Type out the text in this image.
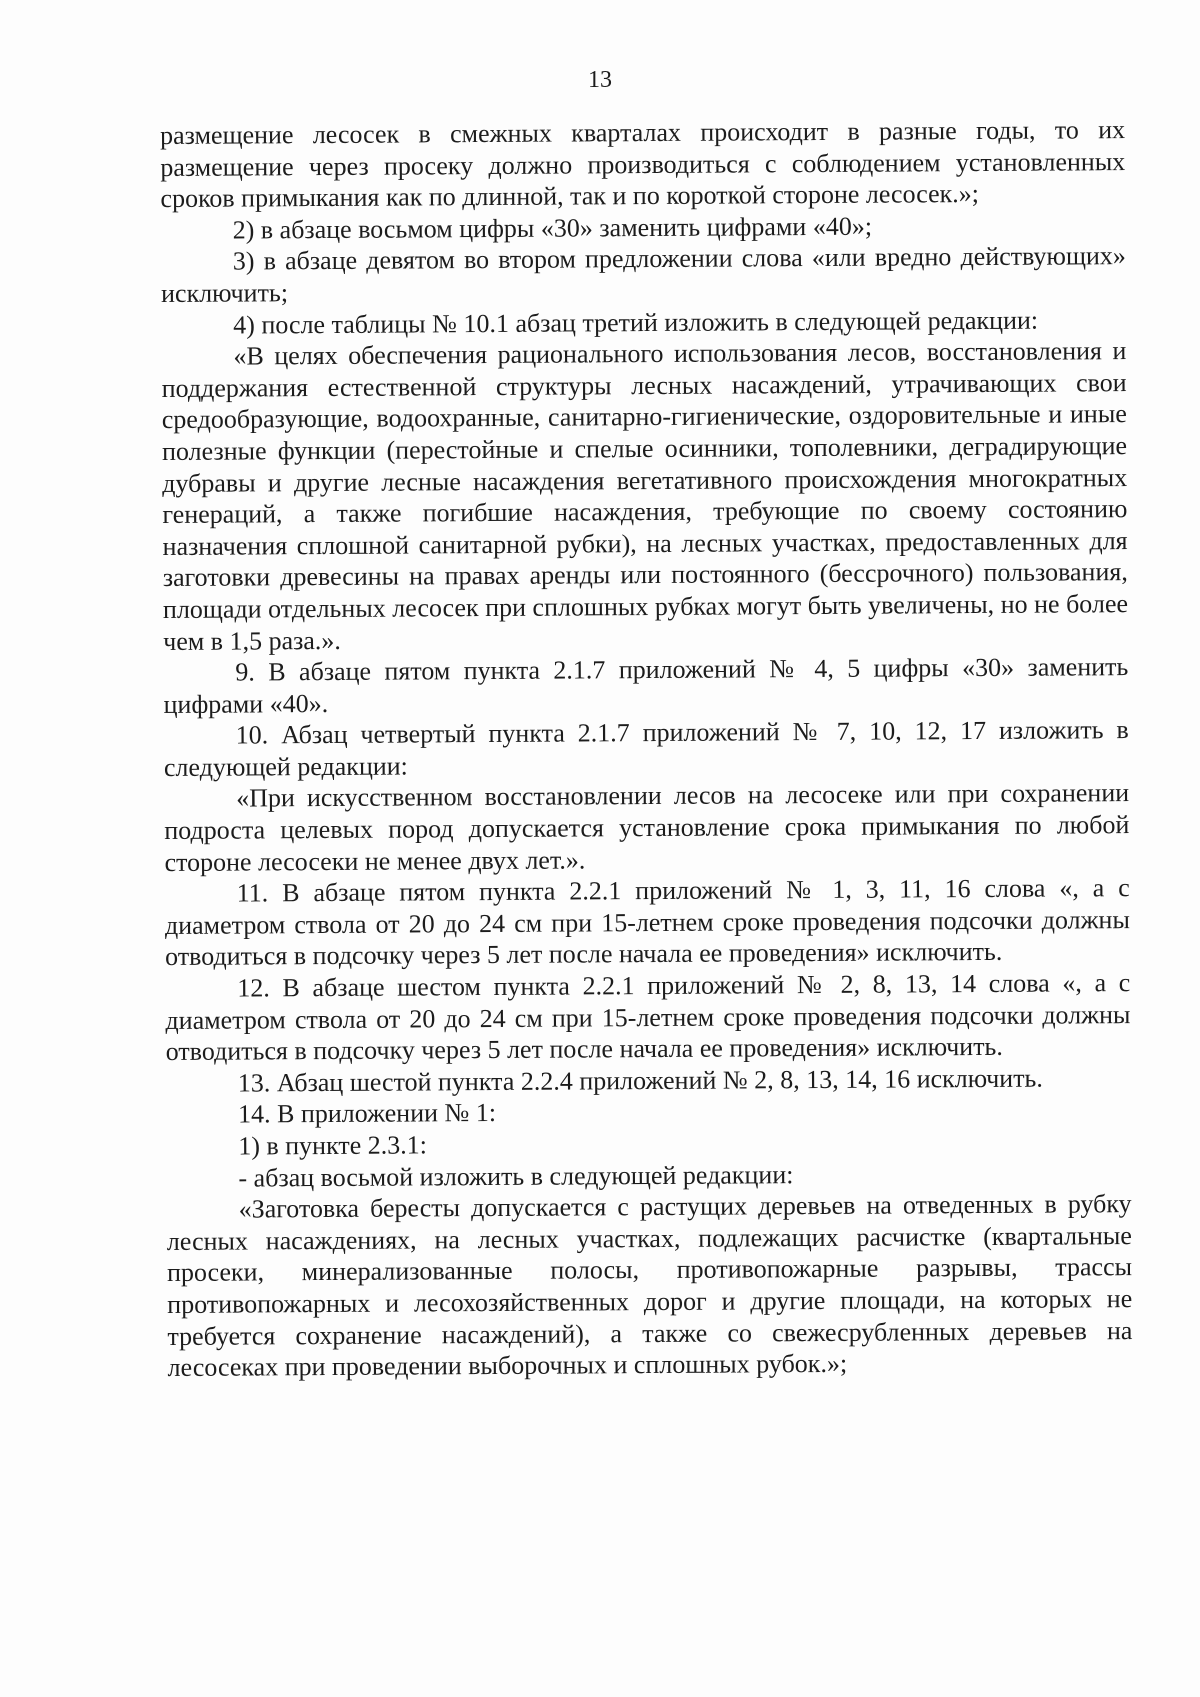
13

размещение лесосек в смежных кварталах происходит в разные годы, то их размещение через просеку должно производиться с соблюдением установленных сроков примыкания как по длинной, так и по короткой стороне лесосек.»;

2) в абзаце восьмом цифры «30» заменить цифрами «40»;

3) в абзаце девятом во втором предложении слова «или вредно действующих» исключить;

4) после таблицы № 10.1 абзац третий изложить в следующей редакции:

«В целях обеспечения рационального использования лесов, восстановления и поддержания естественной структуры лесных насаждений, утрачивающих свои средообразующие, водоохранные, санитарно-гигиенические, оздоровительные и иные полезные функции (перестойные и спелые осинники, тополевники, деградирующие дубравы и другие лесные насаждения вегетативного происхождения многократных генераций, а также погибшие насаждения, требующие по своему состоянию назначения сплошной санитарной рубки), на лесных участках, предоставленных для заготовки древесины на правах аренды или постоянного (бессрочного) пользования, площади отдельных лесосек при сплошных рубках могут быть увеличены, но не более чем в 1,5 раза.».

9. В абзаце пятом пункта 2.1.7 приложений № 4, 5 цифры «30» заменить цифрами «40».

10. Абзац четвертый пункта 2.1.7 приложений № 7, 10, 12, 17 изложить в следующей редакции:

«При искусственном восстановлении лесов на лесосеке или при сохранении подроста целевых пород допускается установление срока примыкания по любой стороне лесосеки не менее двух лет.».

11. В абзаце пятом пункта 2.2.1 приложений № 1, 3, 11, 16 слова «, а с диаметром ствола от 20 до 24 см при 15-летнем сроке проведения подсочки должны отводиться в подсочку через 5 лет после начала ее проведения» исключить.

12. В абзаце шестом пункта 2.2.1 приложений № 2, 8, 13, 14 слова «, а с диаметром ствола от 20 до 24 см при 15-летнем сроке проведения подсочки должны отводиться в подсочку через 5 лет после начала ее проведения» исключить.

13. Абзац шестой пункта 2.2.4 приложений № 2, 8, 13, 14, 16 исключить.

14. В приложении № 1:

1) в пункте 2.3.1:

- абзац восьмой изложить в следующей редакции:

«Заготовка бересты допускается с растущих деревьев на отведенных в рубку лесных насаждениях, на лесных участках, подлежащих расчистке (квартальные просеки, минерализованные полосы, противопожарные разрывы, трассы противопожарных и лесохозяйственных дорог и другие площади, на которых не требуется сохранение насаждений), а также со свежесрубленных деревьев на лесосеках при проведении выборочных и сплошных рубок.»;
